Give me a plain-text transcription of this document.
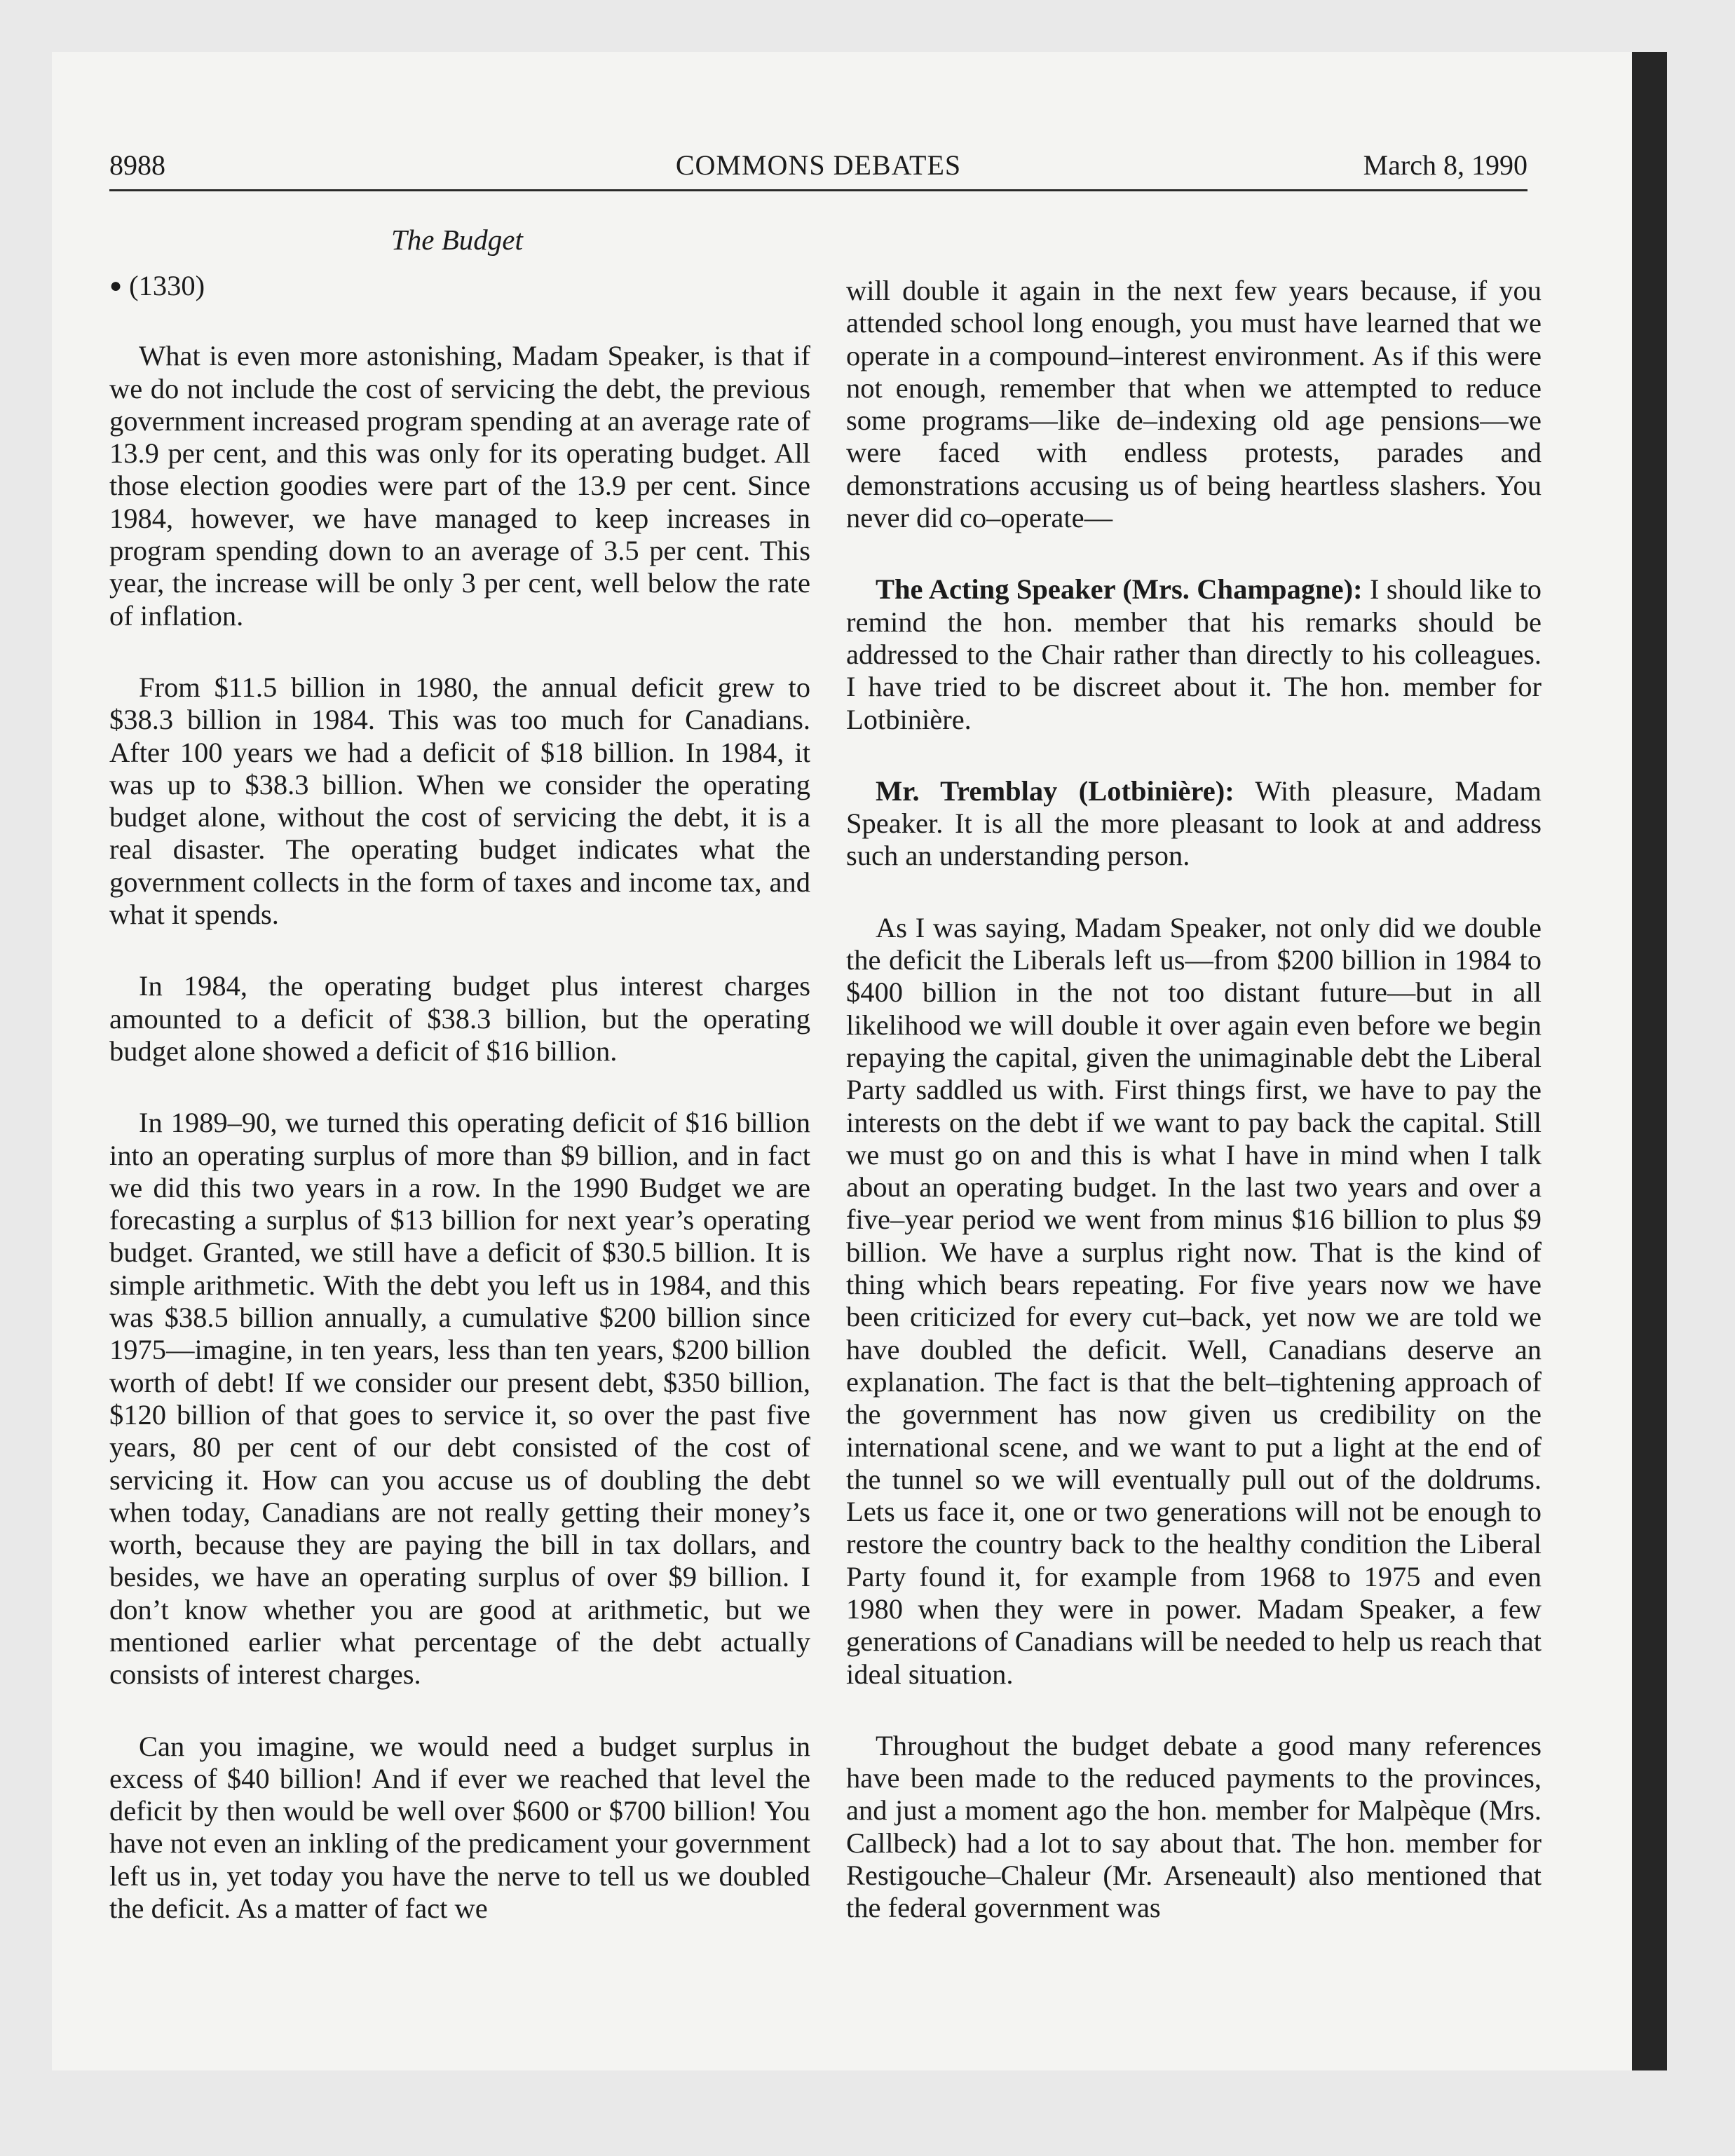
8988	COMMONS DEBATES	March 8, 1990
The Budget

● (1330)

What is even more astonishing, Madam Speaker, is that if we do not include the cost of servicing the debt, the previous government increased program spending at an average rate of 13.9 per cent, and this was only for its operating budget. All those election goodies were part of the 13.9 per cent. Since 1984, however, we have managed to keep increases in program spending down to an average of 3.5 per cent. This year, the increase will be only 3 per cent, well below the rate of inflation.

From $11.5 billion in 1980, the annual deficit grew to $38.3 billion in 1984. This was too much for Canadians. After 100 years we had a deficit of $18 billion. In 1984, it was up to $38.3 billion. When we consider the operating budget alone, without the cost of servicing the debt, it is a real disaster. The operating budget indicates what the government collects in the form of taxes and income tax, and what it spends.

In 1984, the operating budget plus interest charges amounted to a deficit of $38.3 billion, but the operating budget alone showed a deficit of $16 billion.

In 1989–90, we turned this operating deficit of $16 billion into an operating surplus of more than $9 billion, and in fact we did this two years in a row. In the 1990 Budget we are forecasting a surplus of $13 billion for next year’s operating budget. Granted, we still have a deficit of $30.5 billion. It is simple arithmetic. With the debt you left us in 1984, and this was $38.5 billion annually, a cumulative $200 billion since 1975—imagine, in ten years, less than ten years, $200 billion worth of debt! If we consider our present debt, $350 billion, $120 billion of that goes to service it, so over the past five years, 80 per cent of our debt consisted of the cost of servicing it. How can you accuse us of doubling the debt when today, Canadians are not really getting their money’s worth, because they are paying the bill in tax dollars, and besides, we have an operating surplus of over $9 billion. I don’t know whether you are good at arithmetic, but we mentioned earlier what percentage of the debt actually consists of interest charges.

Can you imagine, we would need a budget surplus in excess of $40 billion! And if ever we reached that level the deficit by then would be well over $600 or $700 billion! You have not even an inkling of the predicament your government left us in, yet today you have the nerve to tell us we doubled the deficit. As a matter of fact we

will double it again in the next few years because, if you attended school long enough, you must have learned that we operate in a compound–interest environment. As if this were not enough, remember that when we attempted to reduce some programs—like de–indexing old age pensions—we were faced with endless protests, parades and demonstrations accusing us of being heartless slashers. You never did co–operate—

The Acting Speaker (Mrs. Champagne): I should like to remind the hon. member that his remarks should be addressed to the Chair rather than directly to his colleagues. I have tried to be discreet about it. The hon. member for Lotbinière.

Mr. Tremblay (Lotbinière): With pleasure, Madam Speaker. It is all the more pleasant to look at and address such an understanding person.

As I was saying, Madam Speaker, not only did we double the deficit the Liberals left us—from $200 billion in 1984 to $400 billion in the not too distant future—but in all likelihood we will double it over again even before we begin repaying the capital, given the unimaginable debt the Liberal Party saddled us with. First things first, we have to pay the interests on the debt if we want to pay back the capital. Still we must go on and this is what I have in mind when I talk about an operating budget. In the last two years and over a five–year period we went from minus $16 billion to plus $9 billion. We have a surplus right now. That is the kind of thing which bears repeating. For five years now we have been criticized for every cut–back, yet now we are told we have doubled the deficit. Well, Canadians deserve an explanation. The fact is that the belt–tightening approach of the government has now given us credibility on the international scene, and we want to put a light at the end of the tunnel so we will eventually pull out of the doldrums. Lets us face it, one or two generations will not be enough to restore the country back to the healthy condition the Liberal Party found it, for example from 1968 to 1975 and even 1980 when they were in power. Madam Speaker, a few generations of Canadians will be needed to help us reach that ideal situation.

Throughout the budget debate a good many references have been made to the reduced payments to the provinces, and just a moment ago the hon. member for Malpèque (Mrs. Callbeck) had a lot to say about that. The hon. member for Restigouche–Chaleur (Mr. Arseneault) also mentioned that the federal government was
